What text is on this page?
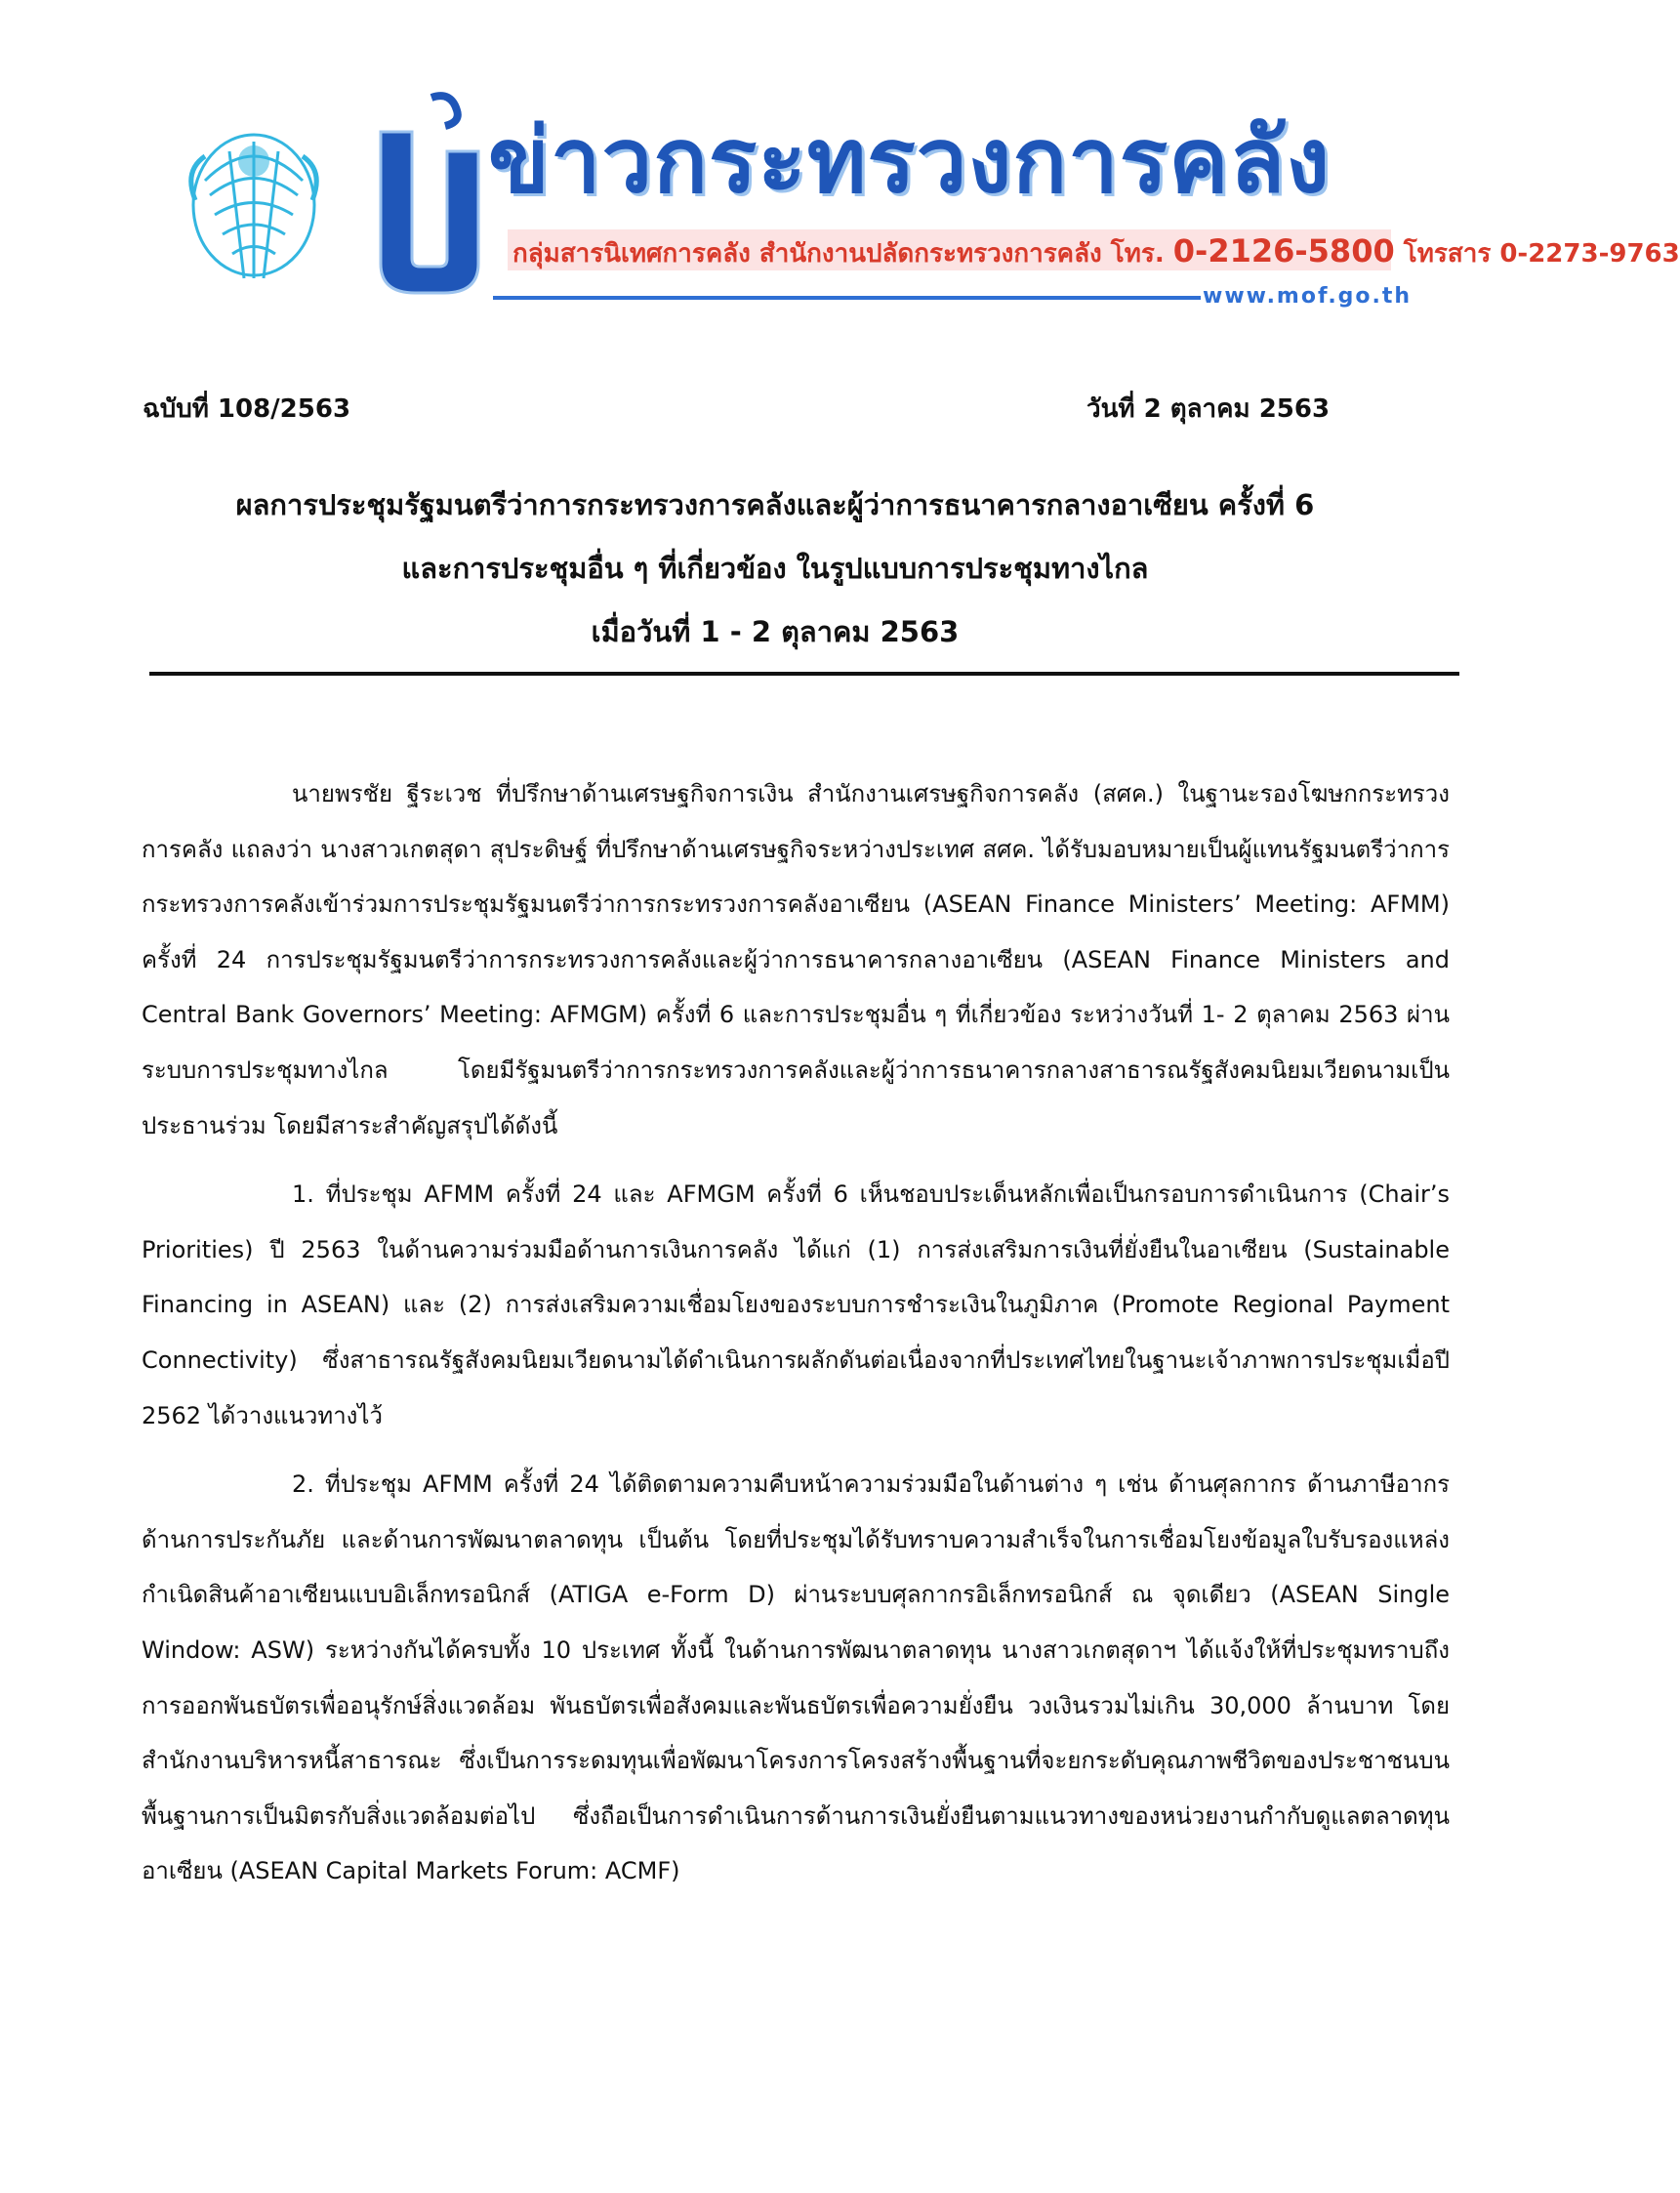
ข่าวกระทรวงการคลัง
กลุ่มสารนิเทศการคลัง สำนักงานปลัดกระทรวงการคลัง โทร. 0-2126-5800 โทรสาร 0-2273-9763
www.mof.go.th
ฉบับที่ 108/2563	วันที่ 2 ตุลาคม 2563
ผลการประชุมรัฐมนตรีว่าการกระทรวงการคลังและผู้ว่าการธนาคารกลางอาเซียน ครั้งที่ 6
และการประชุมอื่น ๆ ที่เกี่ยวข้อง ในรูปแบบการประชุมทางไกล
เมื่อวันที่ 1 - 2 ตุลาคม 2563

นายพรชัย ฐีระเวช ที่ปรึกษาด้านเศรษฐกิจการเงิน สำนักงานเศรษฐกิจการคลัง (สศค.) ในฐานะรองโฆษกกระทรวงการคลัง แถลงว่า นางสาวเกตสุดา สุประดิษฐ์ ที่ปรึกษาด้านเศรษฐกิจระหว่างประเทศ สศค. ได้รับมอบหมายเป็นผู้แทนรัฐมนตรีว่าการกระทรวงการคลังเข้าร่วมการประชุมรัฐมนตรีว่าการกระทรวงการคลังอาเซียน (ASEAN Finance Ministers’ Meeting: AFMM) ครั้งที่ 24 การประชุมรัฐมนตรีว่าการกระทรวงการคลังและผู้ว่าการธนาคารกลางอาเซียน (ASEAN Finance Ministers and Central Bank Governors’ Meeting: AFMGM) ครั้งที่ 6 และการประชุมอื่น ๆ ที่เกี่ยวข้อง ระหว่างวันที่ 1- 2 ตุลาคม 2563 ผ่านระบบการประชุมทางไกล โดยมีรัฐมนตรีว่าการกระทรวงการคลังและผู้ว่าการธนาคารกลางสาธารณรัฐสังคมนิยมเวียดนามเป็นประธานร่วม โดยมีสาระสำคัญสรุปได้ดังนี้

1. ที่ประชุม AFMM ครั้งที่ 24 และ AFMGM ครั้งที่ 6 เห็นชอบประเด็นหลักเพื่อเป็นกรอบการดำเนินการ (Chair’s Priorities) ปี 2563 ในด้านความร่วมมือด้านการเงินการคลัง ได้แก่ (1) การส่งเสริมการเงินที่ยั่งยืนในอาเซียน (Sustainable Financing in ASEAN) และ (2) การส่งเสริมความเชื่อมโยงของระบบการชำระเงินในภูมิภาค (Promote Regional Payment Connectivity) ซึ่งสาธารณรัฐสังคมนิยมเวียดนามได้ดำเนินการผลักดันต่อเนื่องจากที่ประเทศไทยในฐานะเจ้าภาพการประชุมเมื่อปี 2562 ได้วางแนวทางไว้

2. ที่ประชุม AFMM ครั้งที่ 24 ได้ติดตามความคืบหน้าความร่วมมือในด้านต่าง ๆ เช่น ด้านศุลกากร ด้านภาษีอากร ด้านการประกันภัย และด้านการพัฒนาตลาดทุน เป็นต้น โดยที่ประชุมได้รับทราบความสำเร็จในการเชื่อมโยงข้อมูลใบรับรองแหล่งกำเนิดสินค้าอาเซียนแบบอิเล็กทรอนิกส์ (ATIGA e-Form D) ผ่านระบบศุลกากรอิเล็กทรอนิกส์ ณ จุดเดียว (ASEAN Single Window: ASW) ระหว่างกันได้ครบทั้ง 10 ประเทศ ทั้งนี้ ในด้านการพัฒนาตลาดทุน นางสาวเกตสุดาฯ ได้แจ้งให้ที่ประชุมทราบถึงการออกพันธบัตรเพื่ออนุรักษ์สิ่งแวดล้อม พันธบัตรเพื่อสังคมและพันธบัตรเพื่อความยั่งยืน วงเงินรวมไม่เกิน 30,000 ล้านบาท โดยสำนักงานบริหารหนี้สาธารณะ ซึ่งเป็นการระดมทุนเพื่อพัฒนาโครงการโครงสร้างพื้นฐานที่จะยกระดับคุณภาพชีวิตของประชาชนบนพื้นฐานการเป็นมิตรกับสิ่งแวดล้อมต่อไป ซึ่งถือเป็นการดำเนินการด้านการเงินยั่งยืนตามแนวทางของหน่วยงานกำกับดูแลตลาดทุนอาเซียน (ASEAN Capital Markets Forum: ACMF)
